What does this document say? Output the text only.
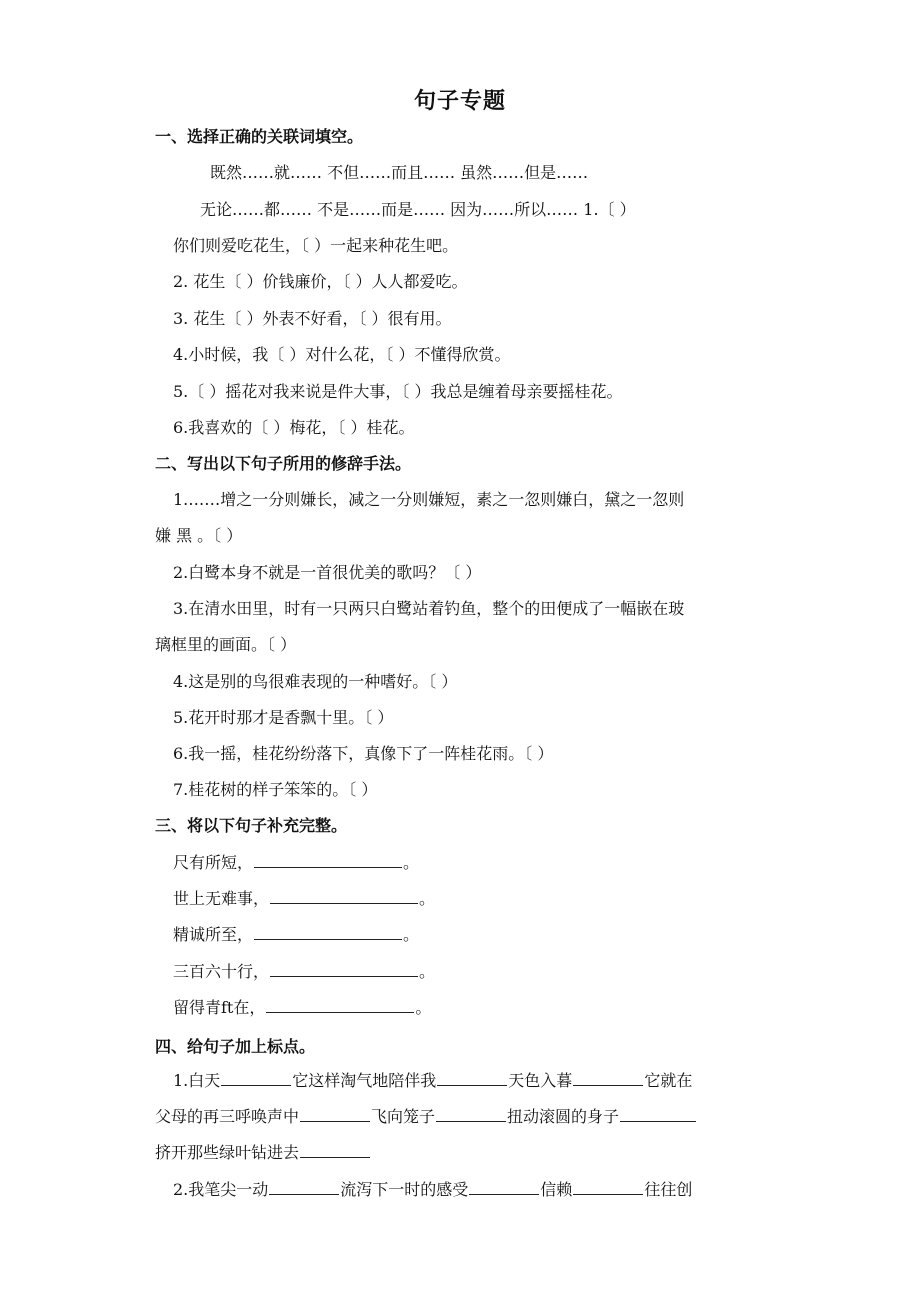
句子专题
一、选择正确的关联词填空。
既然……就…… 不但……而且…… 虽然……但是……
无论……都…… 不是……而是…… 因为……所以…… 1.〔 ）
你们则爱吃花生，〔 ）一起来种花生吧。
2. 花生〔 ）价钱廉价，〔 ）人人都爱吃。
3. 花生〔 ）外表不好看，〔 ）很有用。
4.小时候，我〔 ）对什么花，〔 ）不懂得欣赏。
5.〔 ）摇花对我来说是件大事，〔 ）我总是缠着母亲要摇桂花。
6.我喜欢的〔 ）梅花，〔 ）桂花。
二、写出以下句子所用的修辞手法。
1.……增之一分则嫌长，减之一分则嫌短，素之一忽则嫌白，黛之一忽则
嫌 黑 。〔 ）
2.白鹭本身不就是一首很优美的歌吗？〔 ）
3.在清水田里，时有一只两只白鹭站着钓鱼，整个的田便成了一幅嵌在玻
璃框里的画面。〔 ）
4.这是别的鸟很难表现的一种嗜好。〔 ）
5.花开时那才是香飘十里。〔 ）
6.我一摇，桂花纷纷落下，真像下了一阵桂花雨。〔 ）
7.桂花树的样子笨笨的。〔 ）
三、将以下句子补充完整。
尺有所短，	。
世上无难事，	。
精诚所至，	。
三百六十行，	。
留得青ft在，	。
四、给句子加上标点。
1.白天	它这样淘气地陪伴我	天色入暮	它就在
父母的再三呼唤声中	飞向笼子	扭动滚圆的身子
挤开那些绿叶钻进去
2.我笔尖一动	流泻下一时的感受	信赖	往往创
